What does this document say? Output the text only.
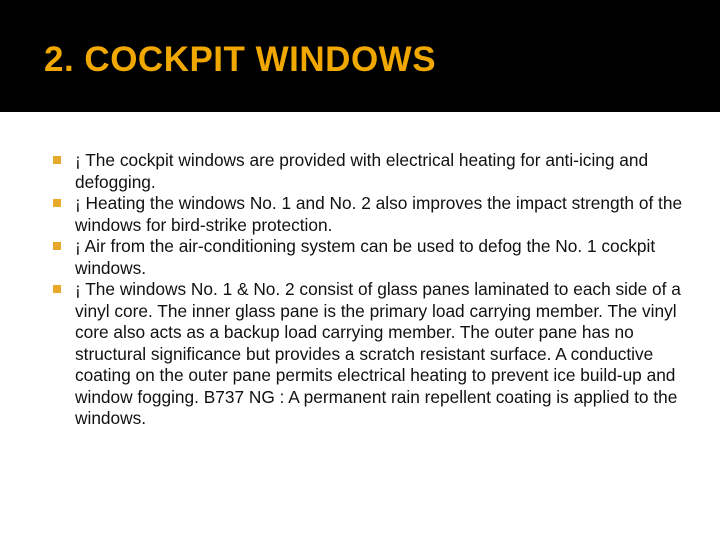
2. COCKPIT WINDOWS
¡ The cockpit windows are provided with electrical heating for anti-icing and defogging.
¡ Heating the windows No. 1 and No. 2 also improves the impact strength of the windows for bird-strike protection.
¡ Air from the air-conditioning system can be used to defog the No. 1 cockpit windows.
¡ The windows No. 1 & No. 2 consist of glass panes laminated to each side of a vinyl core. The inner glass pane is the primary load carrying member. The vinyl core also acts as a backup load carrying member. The outer pane has no structural significance but provides a scratch resistant surface. A conductive coating on the outer pane permits electrical heating to prevent ice build-up and window fogging. B737 NG : A permanent rain repellent coating is applied to the windows.
